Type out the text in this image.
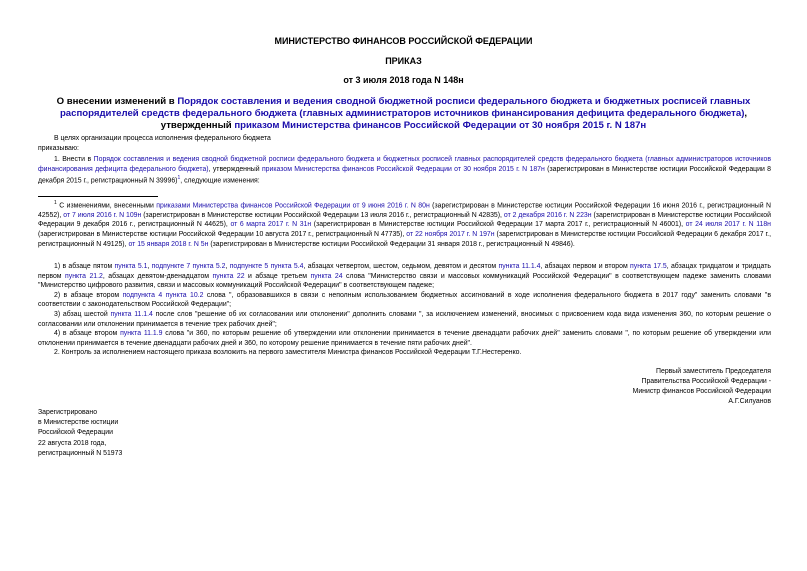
МИНИСТЕРСТВО ФИНАНСОВ РОССИЙСКОЙ ФЕДЕРАЦИИ
ПРИКАЗ
от 3 июля 2018 года N 148н
О внесении изменений в Порядок составления и ведения сводной бюджетной росписи федерального бюджета и бюджетных росписей главных распорядителей средств федерального бюджета (главных администраторов источников финансирования дефицита федерального бюджета), утвержденный приказом Министерства финансов Российской Федерации от 30 ноября 2015 г. N 187н

В целях организации процесса исполнения федерального бюджета

приказываю:

1. Внести в Порядок составления и ведения сводной бюджетной росписи федерального бюджета и бюджетных росписей главных распорядителей средств федерального бюджета (главных администраторов источников финансирования дефицита федерального бюджета), утвержденный приказом Министерства финансов Российской Федерации от 30 ноября 2015 г. N 187н (зарегистрирован в Министерстве юстиции Российской Федерации 8 декабря 2015 г., регистрационный N 39996)$^1$, следующие изменения:

$^1$ С изменениями, внесенными приказами Министерства финансов Российской Федерации от 9 июня 2016 г. N 80н (зарегистрирован в Министерстве юстиции Российской Федерации 16 июня 2016 г., регистрационный N 42552), от 7 июля 2016 г. N 109н (зарегистрирован в Министерстве юстиции Российской Федерации 13 июля 2016 г., регистрационный N 42835), от 2 декабря 2016 г. N 223н (зарегистрирован в Министерстве юстиции Российской Федерации 9 декабря 2016 г., регистрационный N 44625), от 6 марта 2017 г. N 31н (зарегистрирован в Министерстве юстиции Российской Федерации 17 марта 2017 г., регистрационный N 46001), от 24 июля 2017 г. N 118н (зарегистрирован в Министерстве юстиции Российской Федерации 10 августа 2017 г., регистрационный N 47735), от 22 ноября 2017 г. N 197н (зарегистрирован в Министерстве юстиции Российской Федерации 6 декабря 2017 г., регистрационный N 49125), от 15 января 2018 г. N 5н (зарегистрирован в Министерстве юстиции Российской Федерации 31 января 2018 г., регистрационный N 49846).

1) в абзаце пятом пункта 5.1, подпункте 7 пункта 5.2, подпункте 5 пункта 5.4, абзацах четвертом, шестом, седьмом, девятом и десятом пункта 11.1.4, абзацах первом и втором пункта 17.5, абзацах тридцатом и тридцать первом пункта 21.2, абзацах девятом-двенадцатом пункта 22 и абзаце третьем пункта 24 слова "Министерство связи и массовых коммуникаций Российской Федерации" в соответствующем падеже заменить словами "Министерство цифрового развития, связи и массовых коммуникаций Российской Федерации" в соответствующем падеже;

2) в абзаце втором подпункта 4 пункта 10.2 слова ", образовавшихся в связи с неполным использованием бюджетных ассигнований в ходе исполнения федерального бюджета в 2017 году" заменить словами "в соответствии с законодательством Российской Федерации";

3) абзац шестой пункта 11.1.4 после слов "решение об их согласовании или отклонении" дополнить словами ", за исключением изменений, вносимых с присвоением кода вида изменения 360, по которым решение о согласовании или отклонении принимается в течение трех рабочих дней";

4) в абзаце втором пункта 11.1.9 слова "и 360, по которым решение об утверждении или отклонении принимается в течение двенадцати рабочих дней" заменить словами ", по которым решение об утверждении или отклонении принимается в течение двенадцати рабочих дней и 360, по которому решение принимается в течение пяти рабочих дней".

2. Контроль за исполнением настоящего приказа возложить на первого заместителя Министра финансов Российской Федерации Т.Г.Нестеренко.

Первый заместитель Председателя
Правительства Российской Федерации -
Министр финансов Российской Федерации
А.Г.Силуанов
Зарегистрировано
в Министерстве юстиции
Российской Федерации
22 августа 2018 года,
регистрационный N 51973
